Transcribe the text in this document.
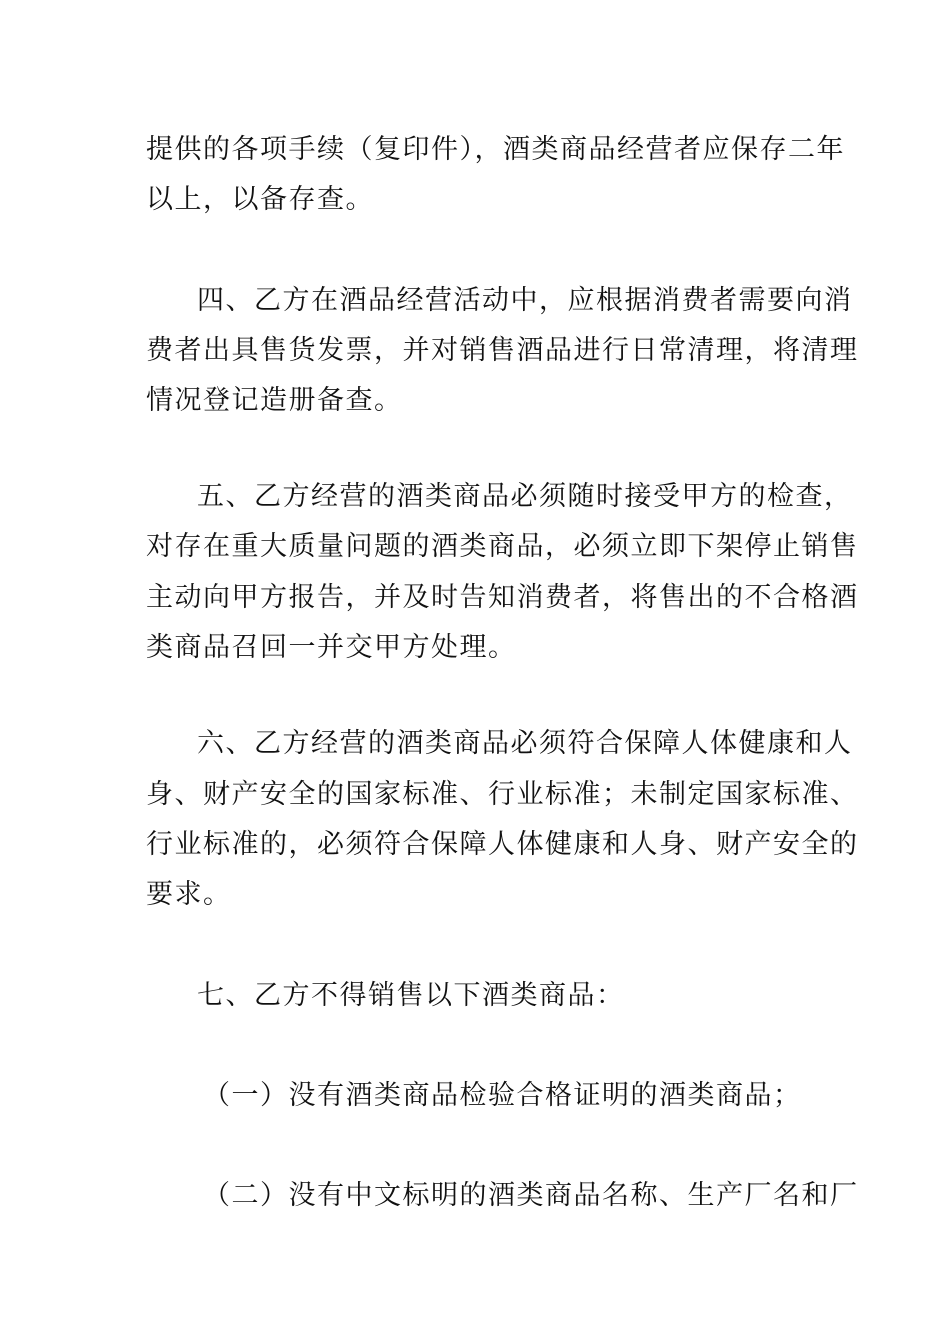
提供的各项手续（复印件），酒类商品经营者应保存二年
以上，以备存查。
四、乙方在酒品经营活动中，应根据消费者需要向消
费者出具售货发票，并对销售酒品进行日常清理，将清理
情况登记造册备查。
五、乙方经营的酒类商品必须随时接受甲方的检查，
对存在重大质量问题的酒类商品，必须立即下架停止销售
主动向甲方报告，并及时告知消费者，将售出的不合格酒
类商品召回一并交甲方处理。
六、乙方经营的酒类商品必须符合保障人体健康和人
身、财产安全的国家标准、行业标准；未制定国家标准、
行业标准的，必须符合保障人体健康和人身、财产安全的
要求。
七、乙方不得销售以下酒类商品：
（一）没有酒类商品检验合格证明的酒类商品；
（二）没有中文标明的酒类商品名称、生产厂名和厂
